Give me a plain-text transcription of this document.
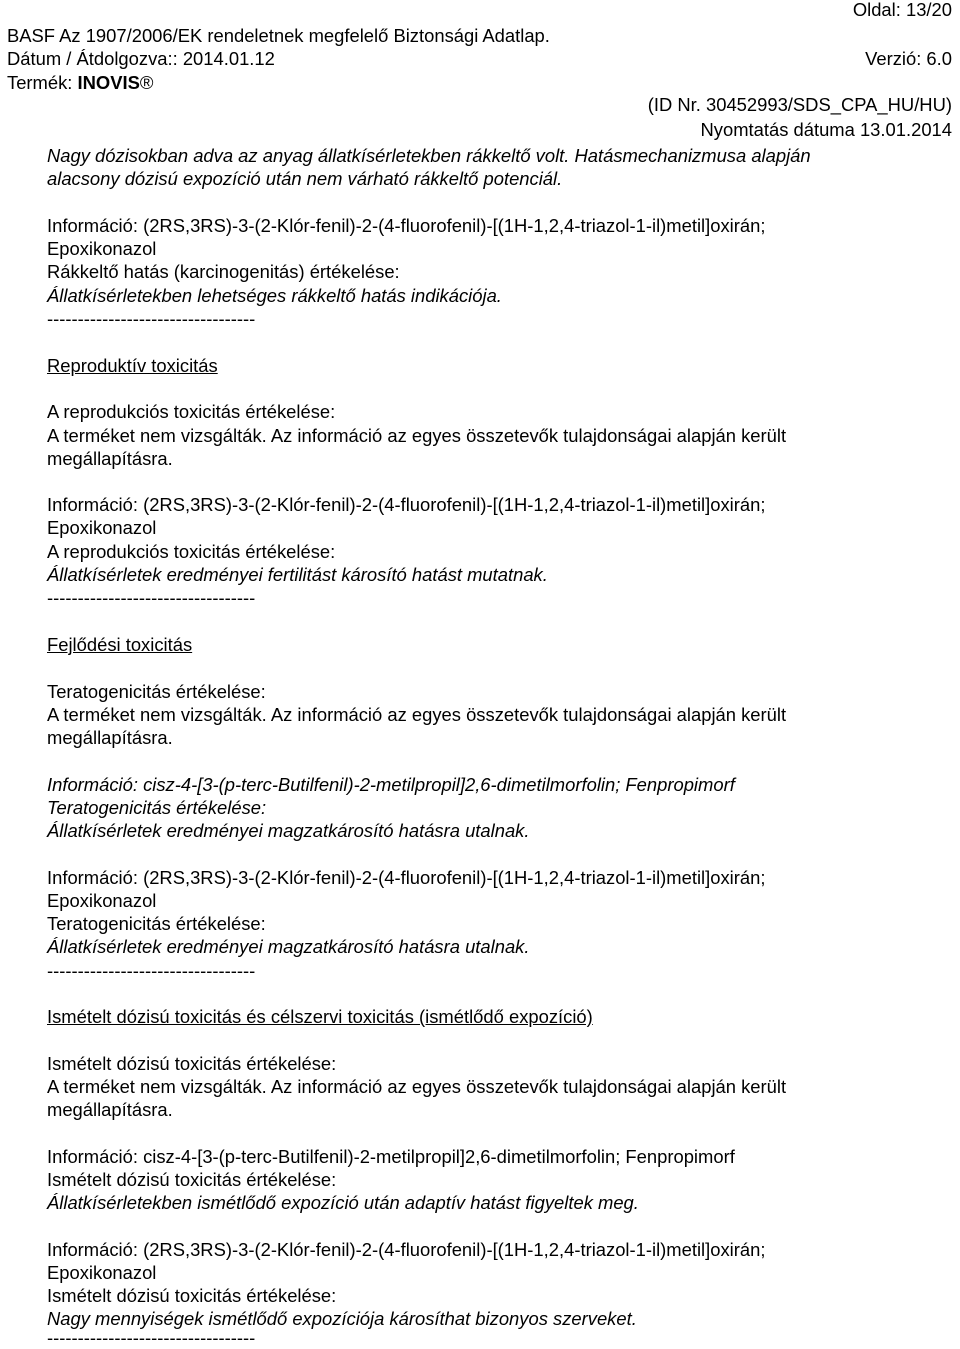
Oldal: 13/20
BASF Az 1907/2006/EK rendeletnek megfelelő Biztonsági Adatlap.
Dátum / Átdolgozva:: 2014.01.12	Verzió: 6.0
Termék: INOVIS®
(ID Nr. 30452993/SDS_CPA_HU/HU)
Nyomtatás dátuma 13.01.2014
Nagy dózisokban adva az anyag állatkísérletekben rákkeltő volt. Hatásmechanizmusa alapján
alacsony dózisú expozíció után nem várható rákkeltő potenciál.
Információ: (2RS,3RS)-3-(2-Klór-fenil)-2-(4-fluorofenil)-[(1H-1,2,4-triazol-1-il)metil]oxirán;
Epoxikonazol
Rákkeltő hatás (karcinogenitás) értékelése:
Állatkísérletekben lehetséges rákkeltő hatás indikációja.
----------------------------------
Reproduktív toxicitás
A reprodukciós toxicitás értékelése:
A terméket nem vizsgálták. Az információ az egyes összetevők tulajdonságai alapján került
megállapításra.
Információ: (2RS,3RS)-3-(2-Klór-fenil)-2-(4-fluorofenil)-[(1H-1,2,4-triazol-1-il)metil]oxirán;
Epoxikonazol
A reprodukciós toxicitás értékelése:
Állatkísérletek eredményei fertilitást károsító hatást mutatnak.
----------------------------------
Fejlődési toxicitás
Teratogenicitás értékelése:
A terméket nem vizsgálták. Az információ az egyes összetevők tulajdonságai alapján került
megállapításra.
Információ: cisz-4-[3-(p-terc-Butilfenil)-2-metilpropil]2,6-dimetilmorfolin; Fenpropimorf
Teratogenicitás értékelése:
Állatkísérletek eredményei magzatkárosító hatásra utalnak.
Információ: (2RS,3RS)-3-(2-Klór-fenil)-2-(4-fluorofenil)-[(1H-1,2,4-triazol-1-il)metil]oxirán;
Epoxikonazol
Teratogenicitás értékelése:
Állatkísérletek eredményei magzatkárosító hatásra utalnak.
----------------------------------
Ismételt dózisú toxicitás és célszervi toxicitás (ismétlődő expozíció)
Ismételt dózisú toxicitás értékelése:
A terméket nem vizsgálták. Az információ az egyes összetevők tulajdonságai alapján került
megállapításra.
Információ: cisz-4-[3-(p-terc-Butilfenil)-2-metilpropil]2,6-dimetilmorfolin; Fenpropimorf
Ismételt dózisú toxicitás értékelése:
Állatkísérletekben ismétlődő expozíció után adaptív hatást figyeltek meg.
Információ: (2RS,3RS)-3-(2-Klór-fenil)-2-(4-fluorofenil)-[(1H-1,2,4-triazol-1-il)metil]oxirán;
Epoxikonazol
Ismételt dózisú toxicitás értékelése:
Nagy mennyiségek ismétlődő expozíciója károsíthat bizonyos szerveket.
----------------------------------
